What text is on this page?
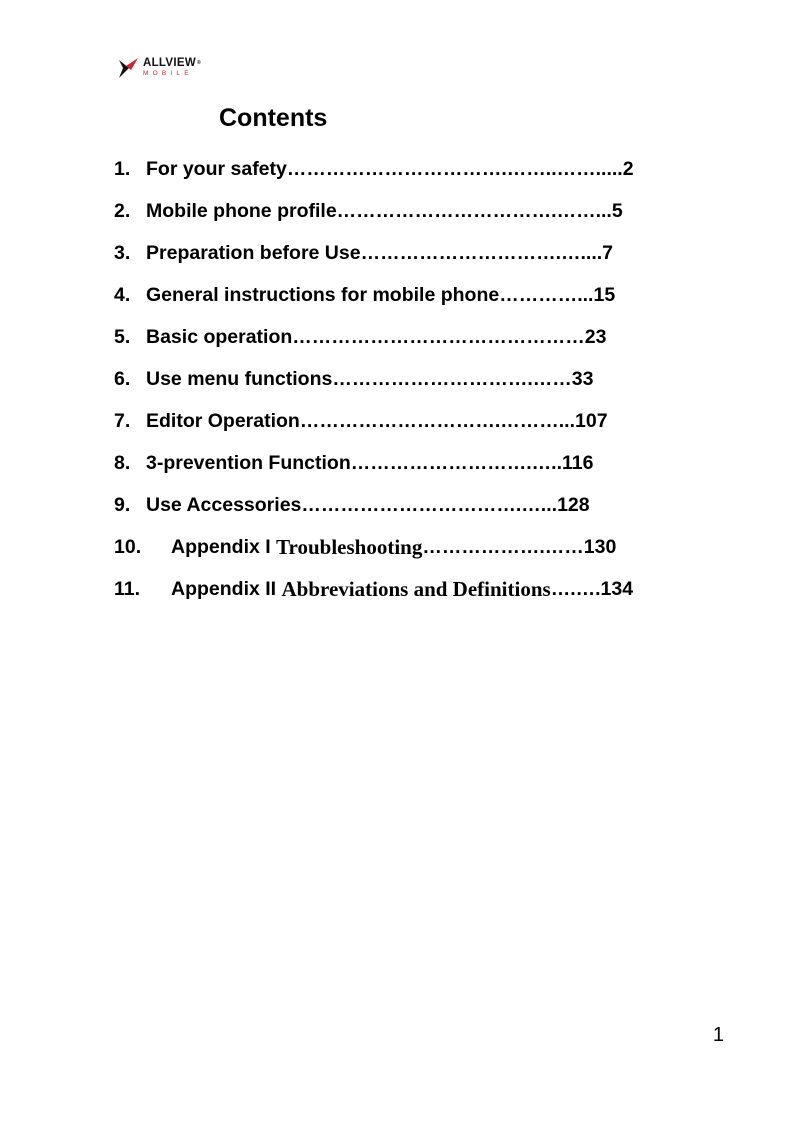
ALLVIEW®
MOBILE
Contents
1. For your safety …………………………….……..……..... 2
2. Mobile phone profile …………………………….……... 5
3. Preparation before Use ………………………….….... 7
4. General instructions for mobile phone …………... 15
5. Basic operation ……………………………………… 23
6. Use menu functions ………………………….…… 33
7. Editor Operation ………………………….………... 107
8. 3-prevention Function ……………………….….. 116
9. Use Accessories …………………………….…... 128
10.	Appendix I
Troubleshooting ……………….…… 130
11.	Appendix II
Abbreviations and Definitions ….…. 134
1
